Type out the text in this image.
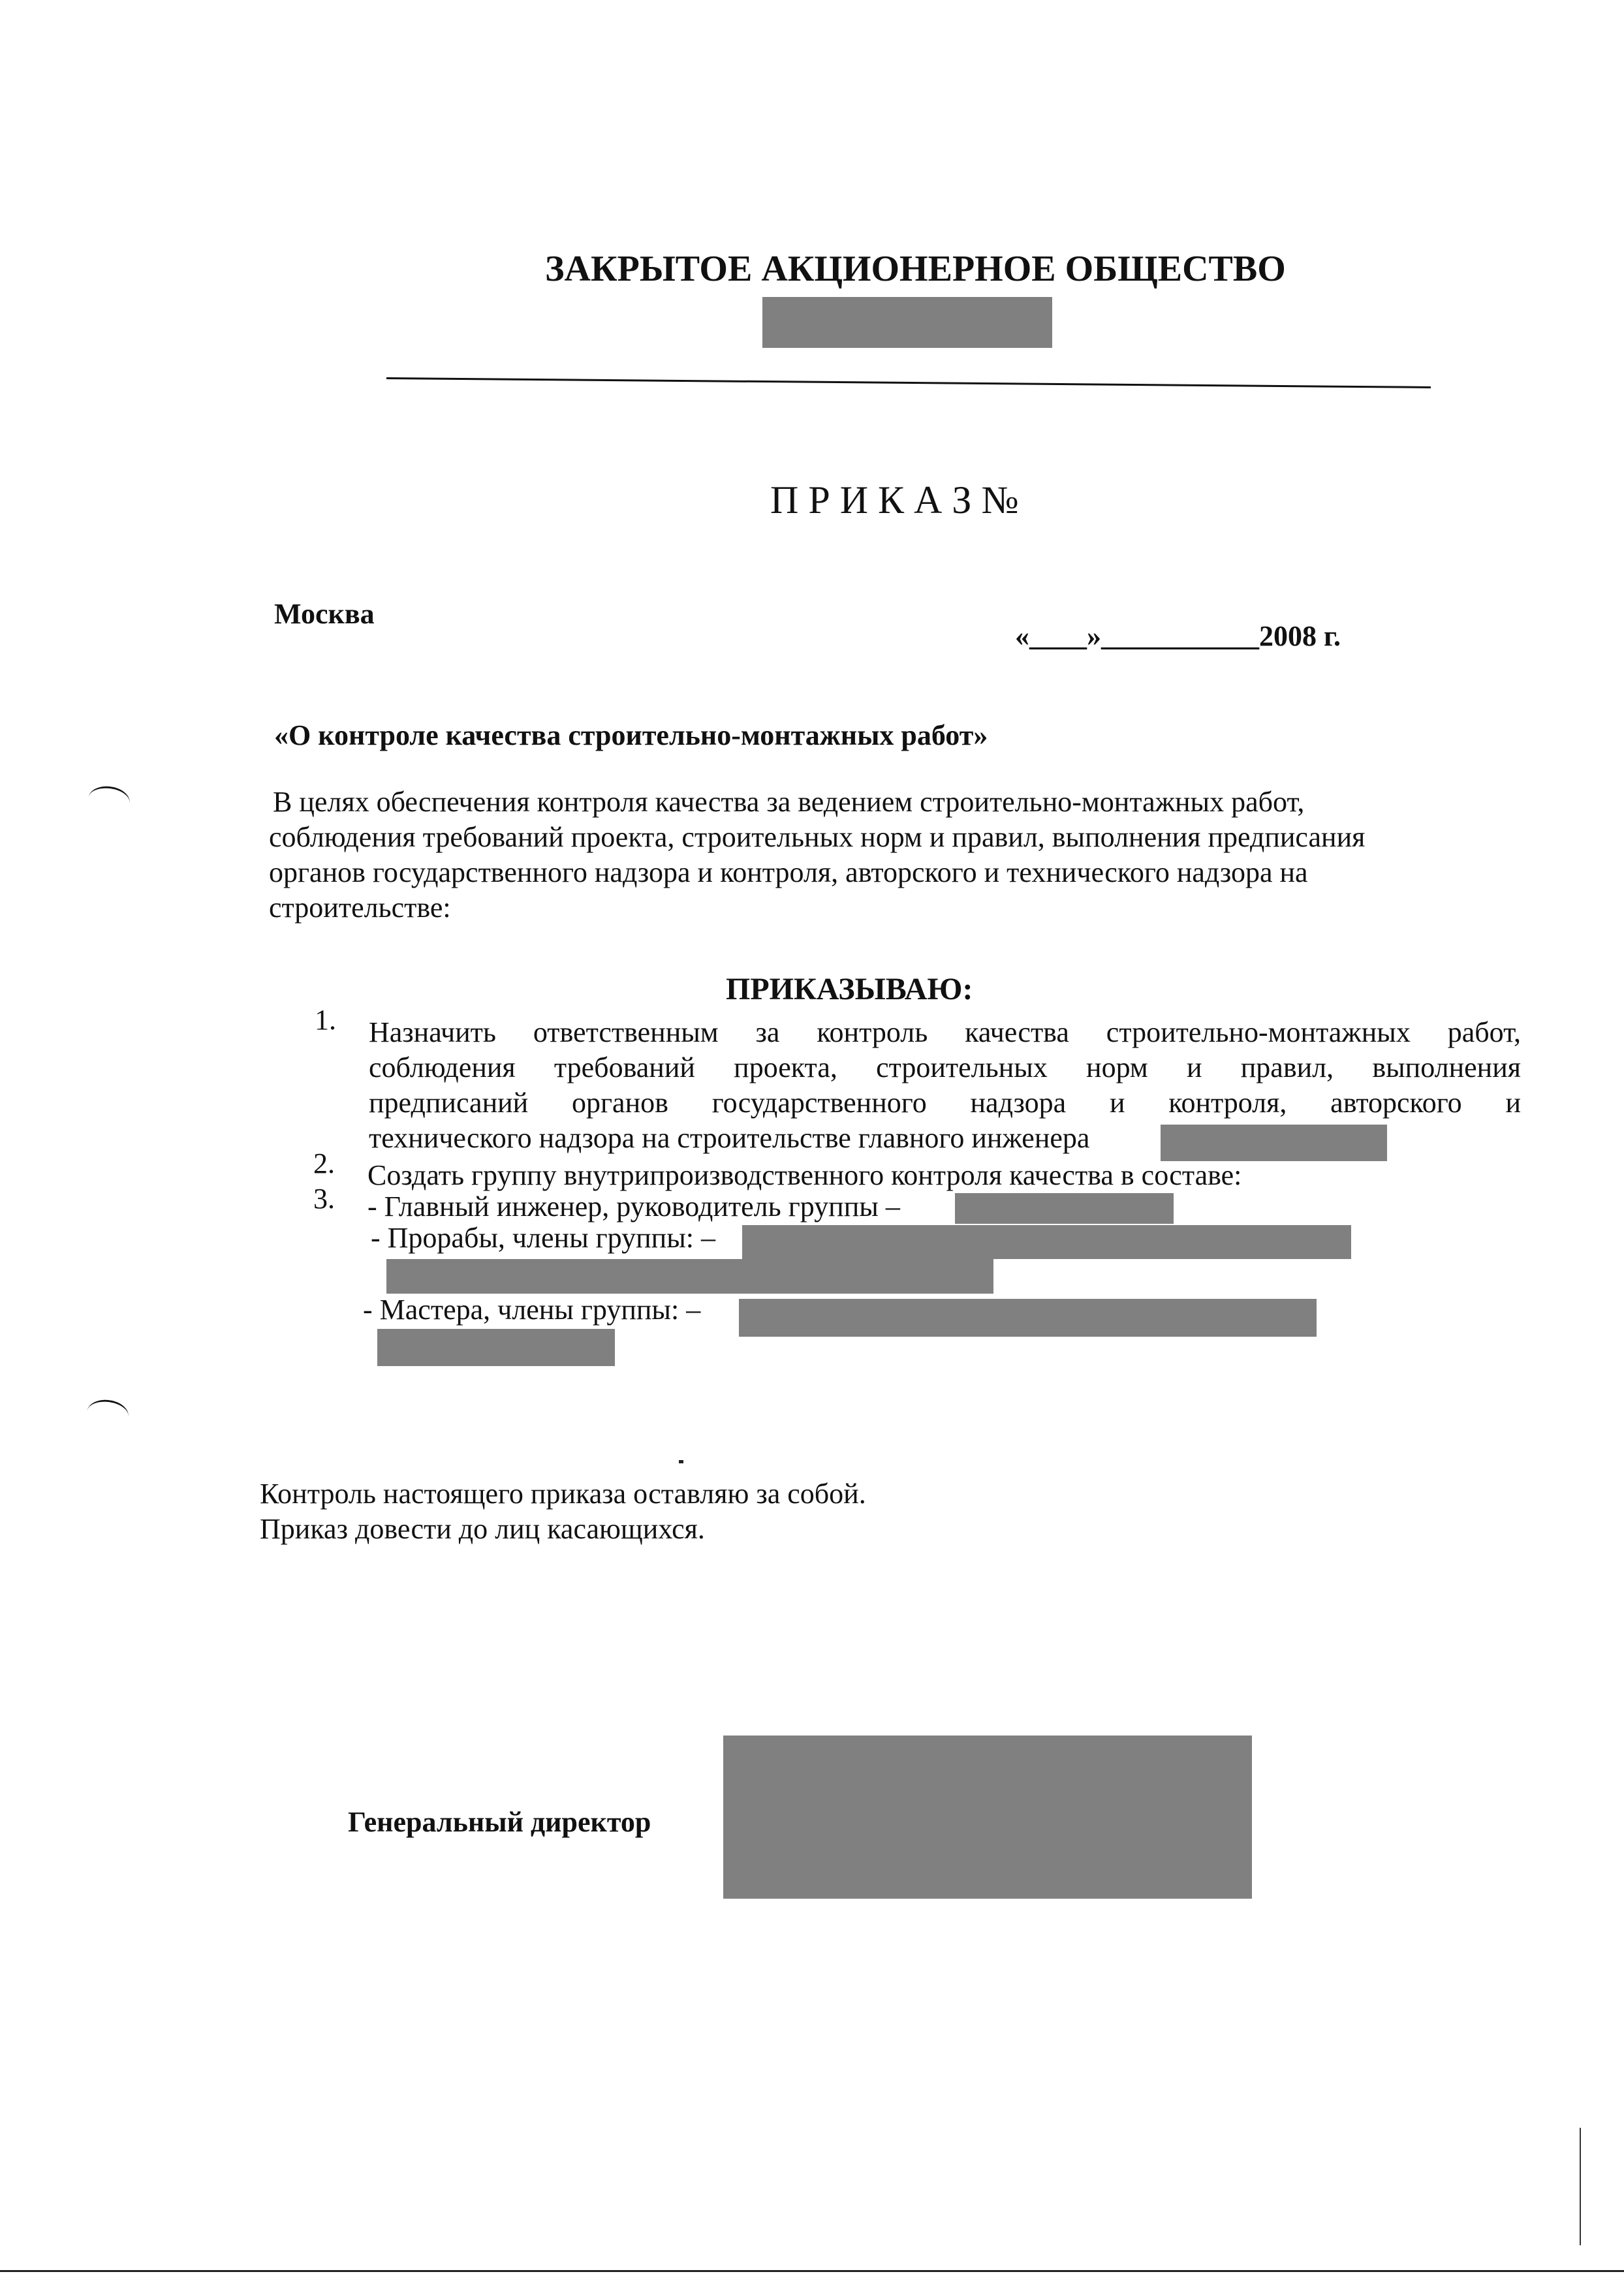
ЗАКРЫТОЕ АКЦИОНЕРНОЕ ОБЩЕСТВО
П Р И К А З №
Москва
«____»___________2008 г.
«О контроле качества строительно-монтажных работ»
В целях обеспечения контроля качества за ведением строительно-монтажных работ,
соблюдения требований проекта, строительных норм и правил, выполнения предписания
органов государственного надзора и контроля, авторского и технического надзора на
строительстве:
ПРИКАЗЫВАЮ:
1. Назначить ответственным за контроль качества строительно-монтажных работ,
соблюдения требований проекта, строительных норм и правил, выполнения
предписаний органов государственного надзора и контроля, авторского и
технического надзора на строительстве главного инженера
2. Создать группу внутрипроизводственного контроля качества в составе:
3. - Главный инженер, руководитель группы –
- Прорабы, члены группы: –
- Мастера, члены группы: –
Контроль настоящего приказа оставляю за собой.
Приказ довести до лиц касающихся.
Генеральный директор
